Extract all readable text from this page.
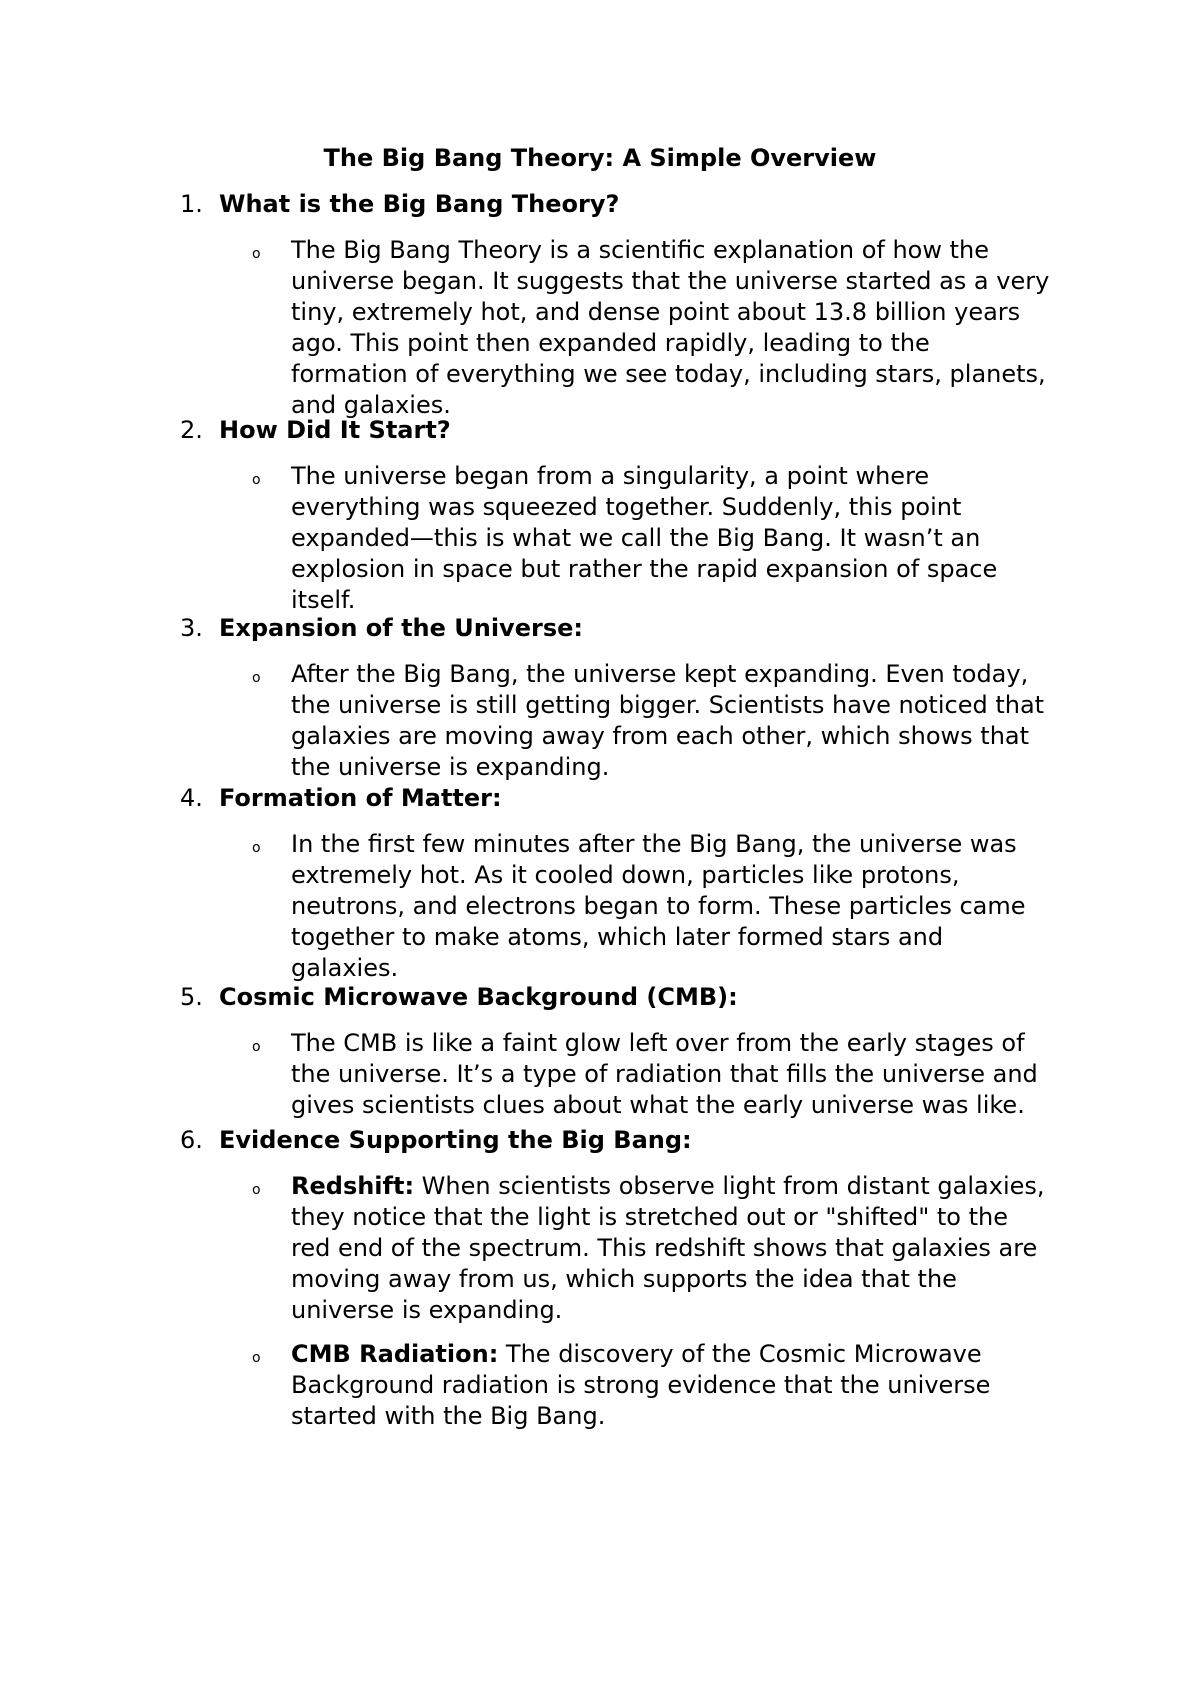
The Big Bang Theory: A Simple Overview
1. What is the Big Bang Theory?
o The Big Bang Theory is a scientific explanation of how the
universe began. It suggests that the universe started as a very
tiny, extremely hot, and dense point about 13.8 billion years
ago. This point then expanded rapidly, leading to the
formation of everything we see today, including stars, planets,
and galaxies.
2. How Did It Start?
o The universe began from a singularity, a point where
everything was squeezed together. Suddenly, this point
expanded—this is what we call the Big Bang. It wasn’t an
explosion in space but rather the rapid expansion of space
itself.
3. Expansion of the Universe:
o After the Big Bang, the universe kept expanding. Even today,
the universe is still getting bigger. Scientists have noticed that
galaxies are moving away from each other, which shows that
the universe is expanding.
4. Formation of Matter:
o In the first few minutes after the Big Bang, the universe was
extremely hot. As it cooled down, particles like protons,
neutrons, and electrons began to form. These particles came
together to make atoms, which later formed stars and
galaxies.
5. Cosmic Microwave Background (CMB):
o The CMB is like a faint glow left over from the early stages of
the universe. It’s a type of radiation that fills the universe and
gives scientists clues about what the early universe was like.
6. Evidence Supporting the Big Bang:
o Redshift: When scientists observe light from distant galaxies,
they notice that the light is stretched out or "shifted" to the
red end of the spectrum. This redshift shows that galaxies are
moving away from us, which supports the idea that the
universe is expanding.
o CMB Radiation: The discovery of the Cosmic Microwave
Background radiation is strong evidence that the universe
started with the Big Bang.
